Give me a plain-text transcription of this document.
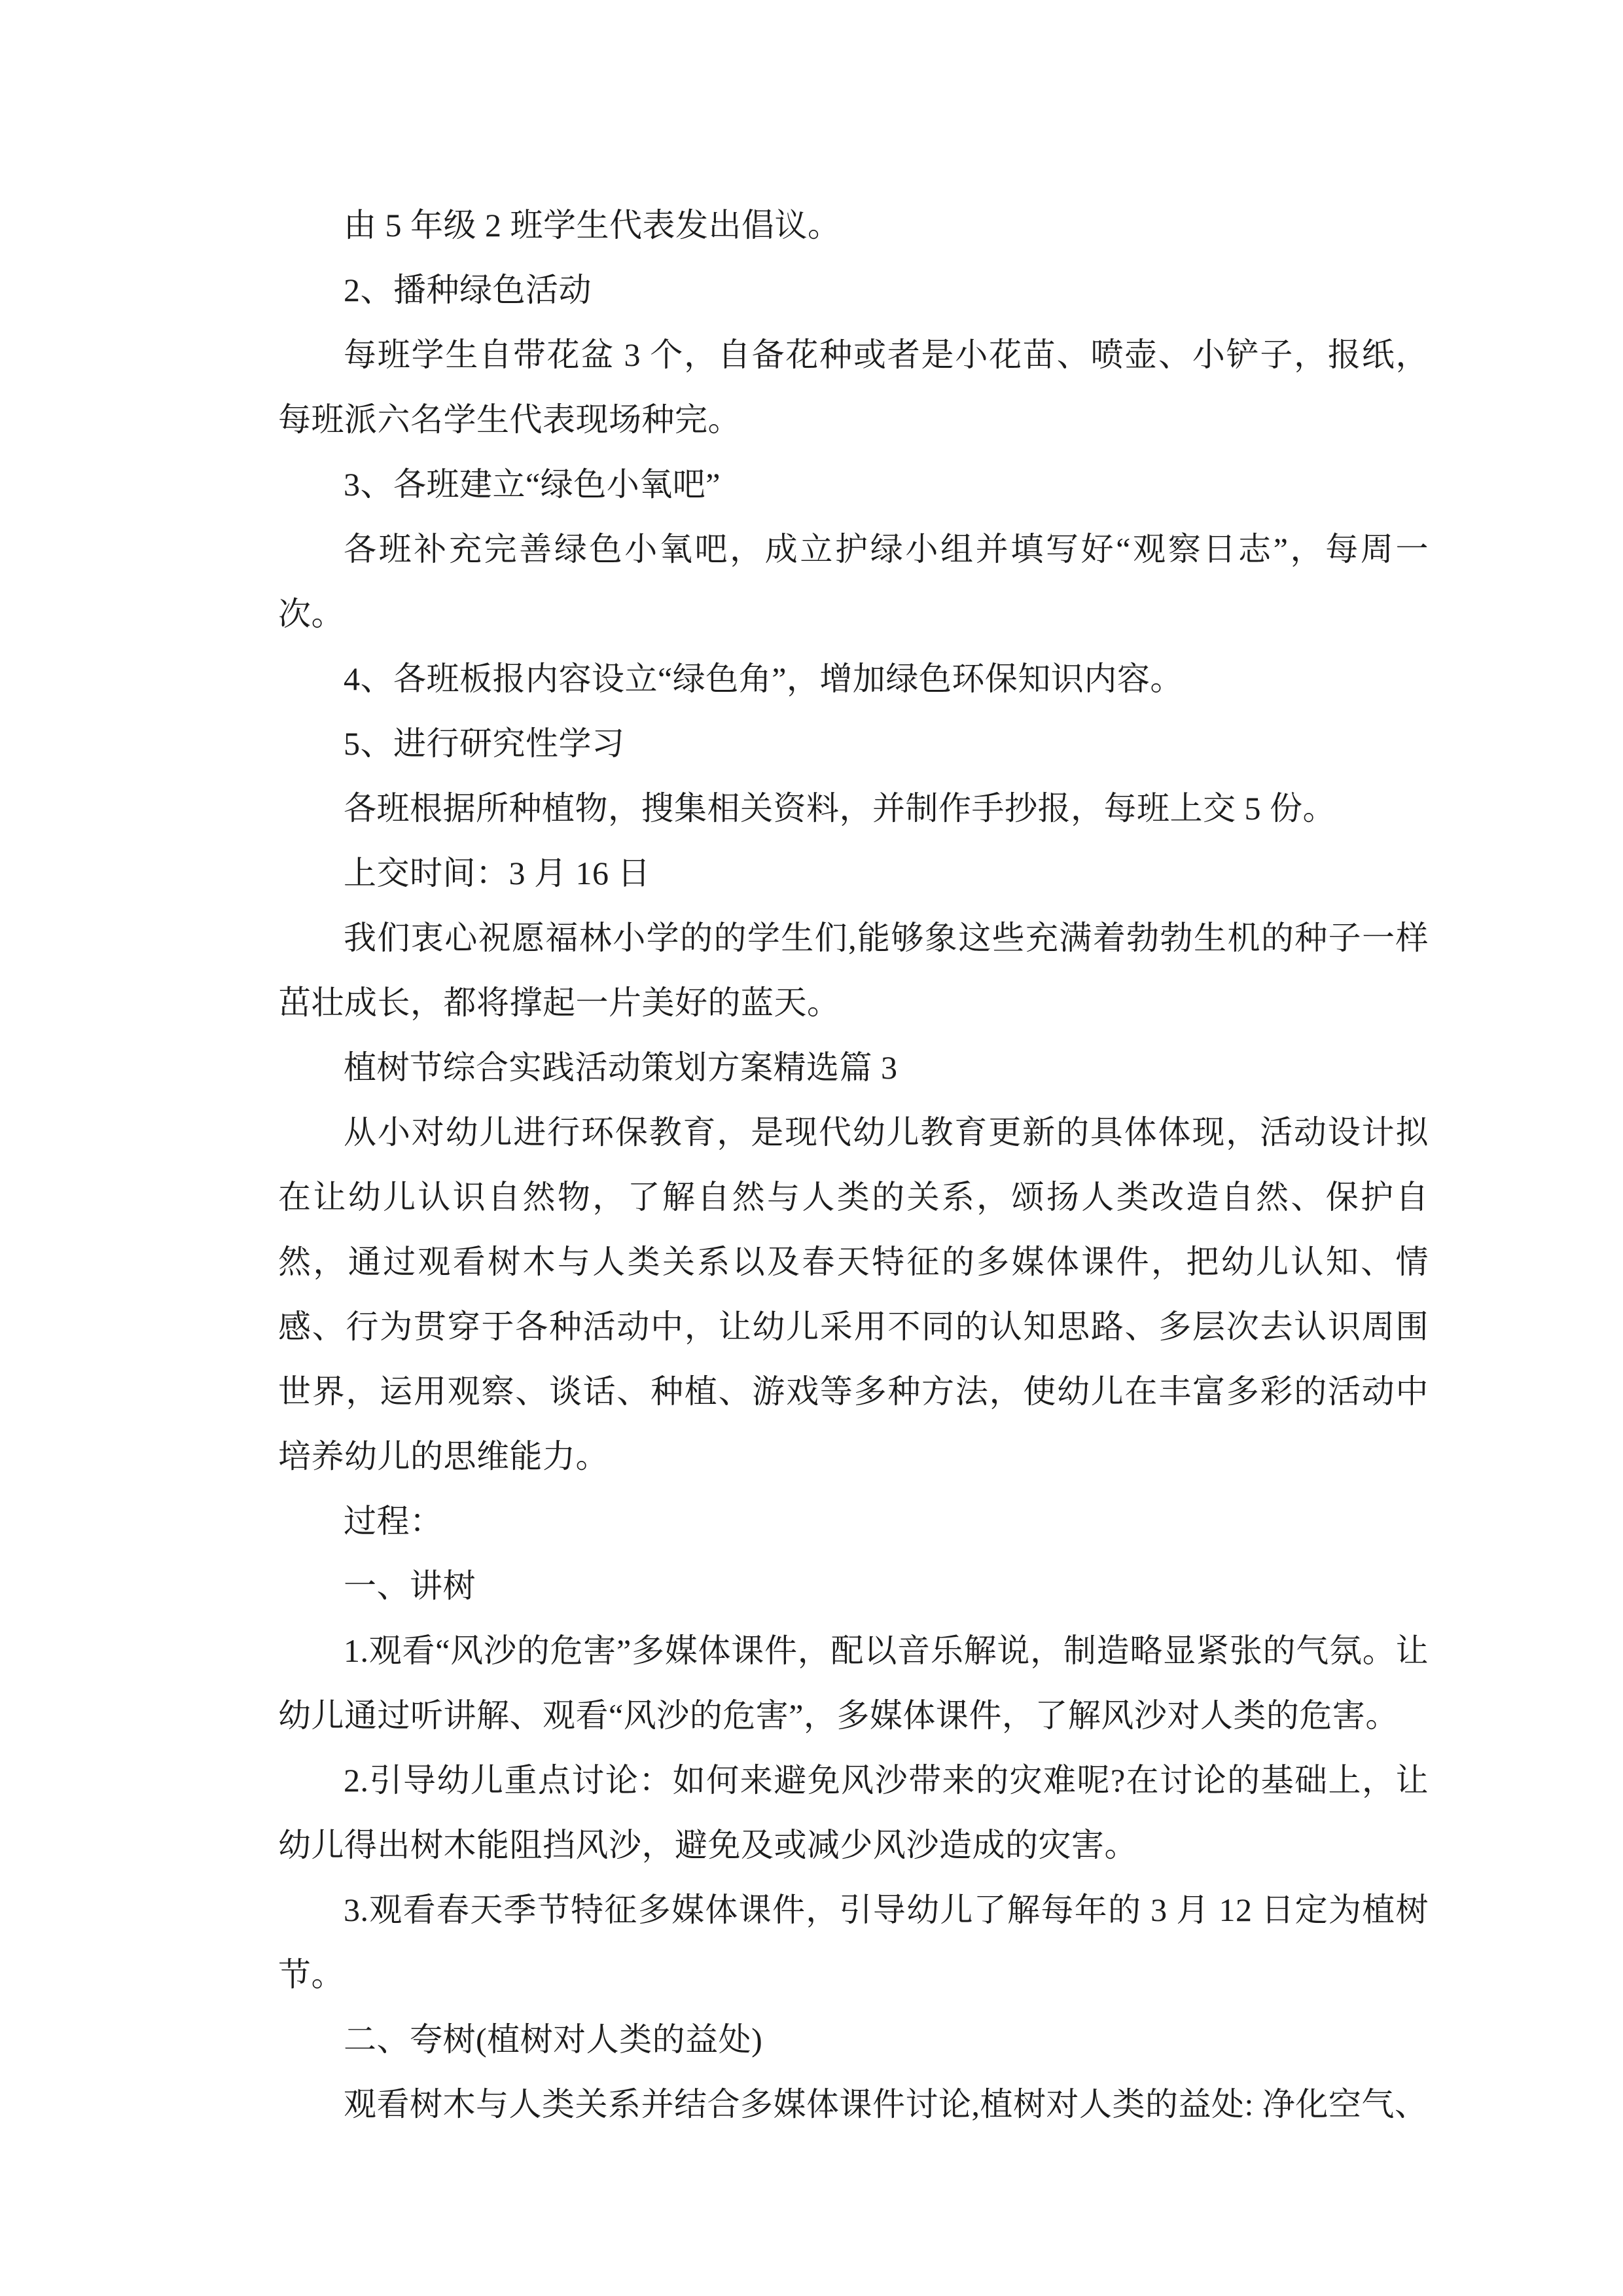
由 5 年级 2 班学生代表发出倡议。

2、播种绿色活动

每班学生自带花盆 3 个，自备花种或者是小花苗、喷壶、小铲子，报纸，每班派六名学生代表现场种完。

3、各班建立“绿色小氧吧”

各班补充完善绿色小氧吧，成立护绿小组并填写好“观察日志”，每周一次。

4、各班板报内容设立“绿色角”，增加绿色环保知识内容。

5、进行研究性学习

各班根据所种植物，搜集相关资料，并制作手抄报，每班上交 5 份。

上交时间：3 月 16 日

我们衷心祝愿福林小学的的学生们,能够象这些充满着勃勃生机的种子一样茁壮成长，都将撑起一片美好的蓝天。

植树节综合实践活动策划方案精选篇 3

从小对幼儿进行环保教育，是现代幼儿教育更新的具体体现，活动设计拟在让幼儿认识自然物，了解自然与人类的关系，颂扬人类改造自然、保护自然，通过观看树木与人类关系以及春天特征的多媒体课件，把幼儿认知、情感、行为贯穿于各种活动中，让幼儿采用不同的认知思路、多层次去认识周围世界，运用观察、谈话、种植、游戏等多种方法，使幼儿在丰富多彩的活动中培养幼儿的思维能力。

过程：

一、讲树

1.观看“风沙的危害”多媒体课件，配以音乐解说，制造略显紧张的气氛。让幼儿通过听讲解、观看“风沙的危害”，多媒体课件，了解风沙对人类的危害。

2.引导幼儿重点讨论：如何来避免风沙带来的灾难呢?在讨论的基础上，让幼儿得出树木能阻挡风沙，避免及或减少风沙造成的灾害。

3.观看春天季节特征多媒体课件，引导幼儿了解每年的 3 月 12 日定为植树节。

二、夸树(植树对人类的益处)

观看树木与人类关系并结合多媒体课件讨论,植树对人类的益处: 净化空气、
